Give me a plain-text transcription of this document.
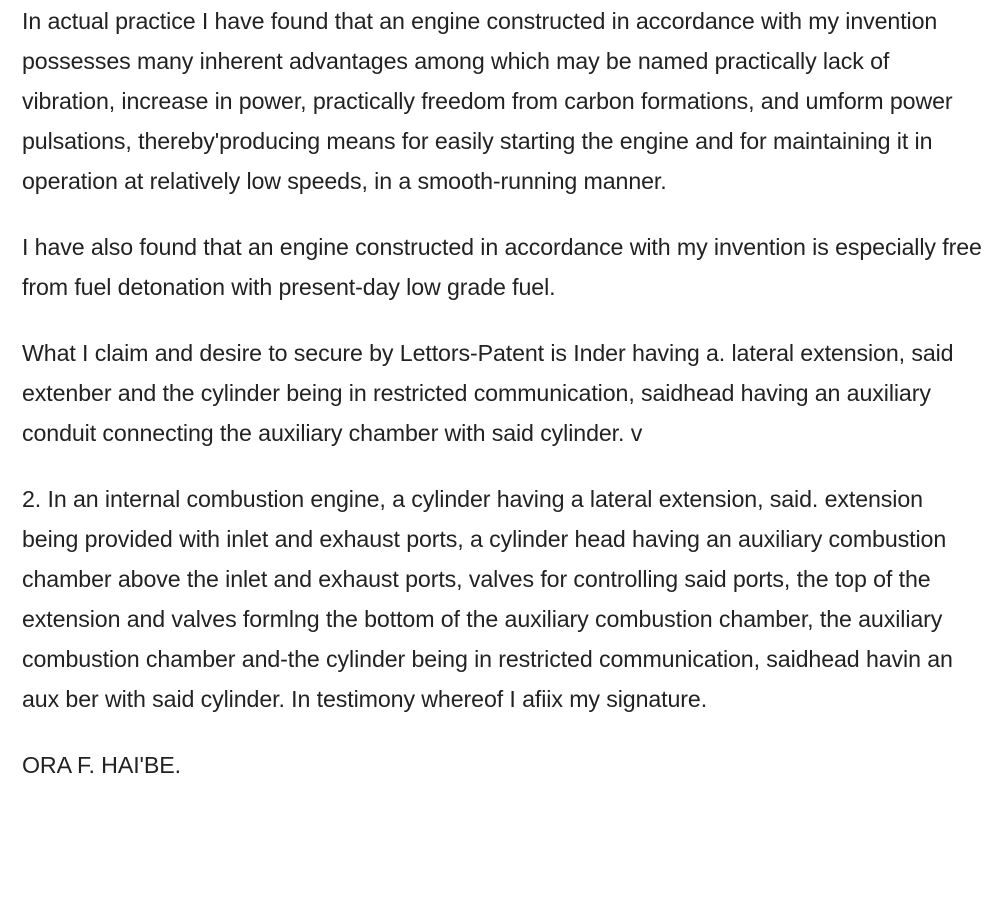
In actual practice I have found that an engine constructed in accordance with my invention possesses many inherent advantages among which may be named practically lack of vibration, increase in power, practically freedom from carbon formations, and umform power pulsations, thereby'producing means for easily starting the engine and for maintaining it in operation at relatively low speeds, in a smooth-running manner.

I have also found that an engine constructed in accordance with my invention is especially free from fuel detonation with present-day low grade fuel.

What I claim and desire to secure by Lettors-Patent is Inder having a. lateral extension, said extenber and the cylinder being in restricted communication, saidhead having an auxiliary conduit connecting the auxiliary chamber with said cylinder. v

2. In an internal combustion engine, a cylinder having a lateral extension, said. extension being provided with inlet and exhaust ports, a cylinder head having an auxiliary combustion chamber above the inlet and exhaust ports, valves for controlling said ports, the top of the extension and valves formlng the bottom of the auxiliary combustion chamber, the auxiliary combustion chamber and-the cylinder being in restricted communication, saidhead havin an aux ber with said cylinder. In testimony whereof I afiix my signature.

ORA F. HAI'BE.
